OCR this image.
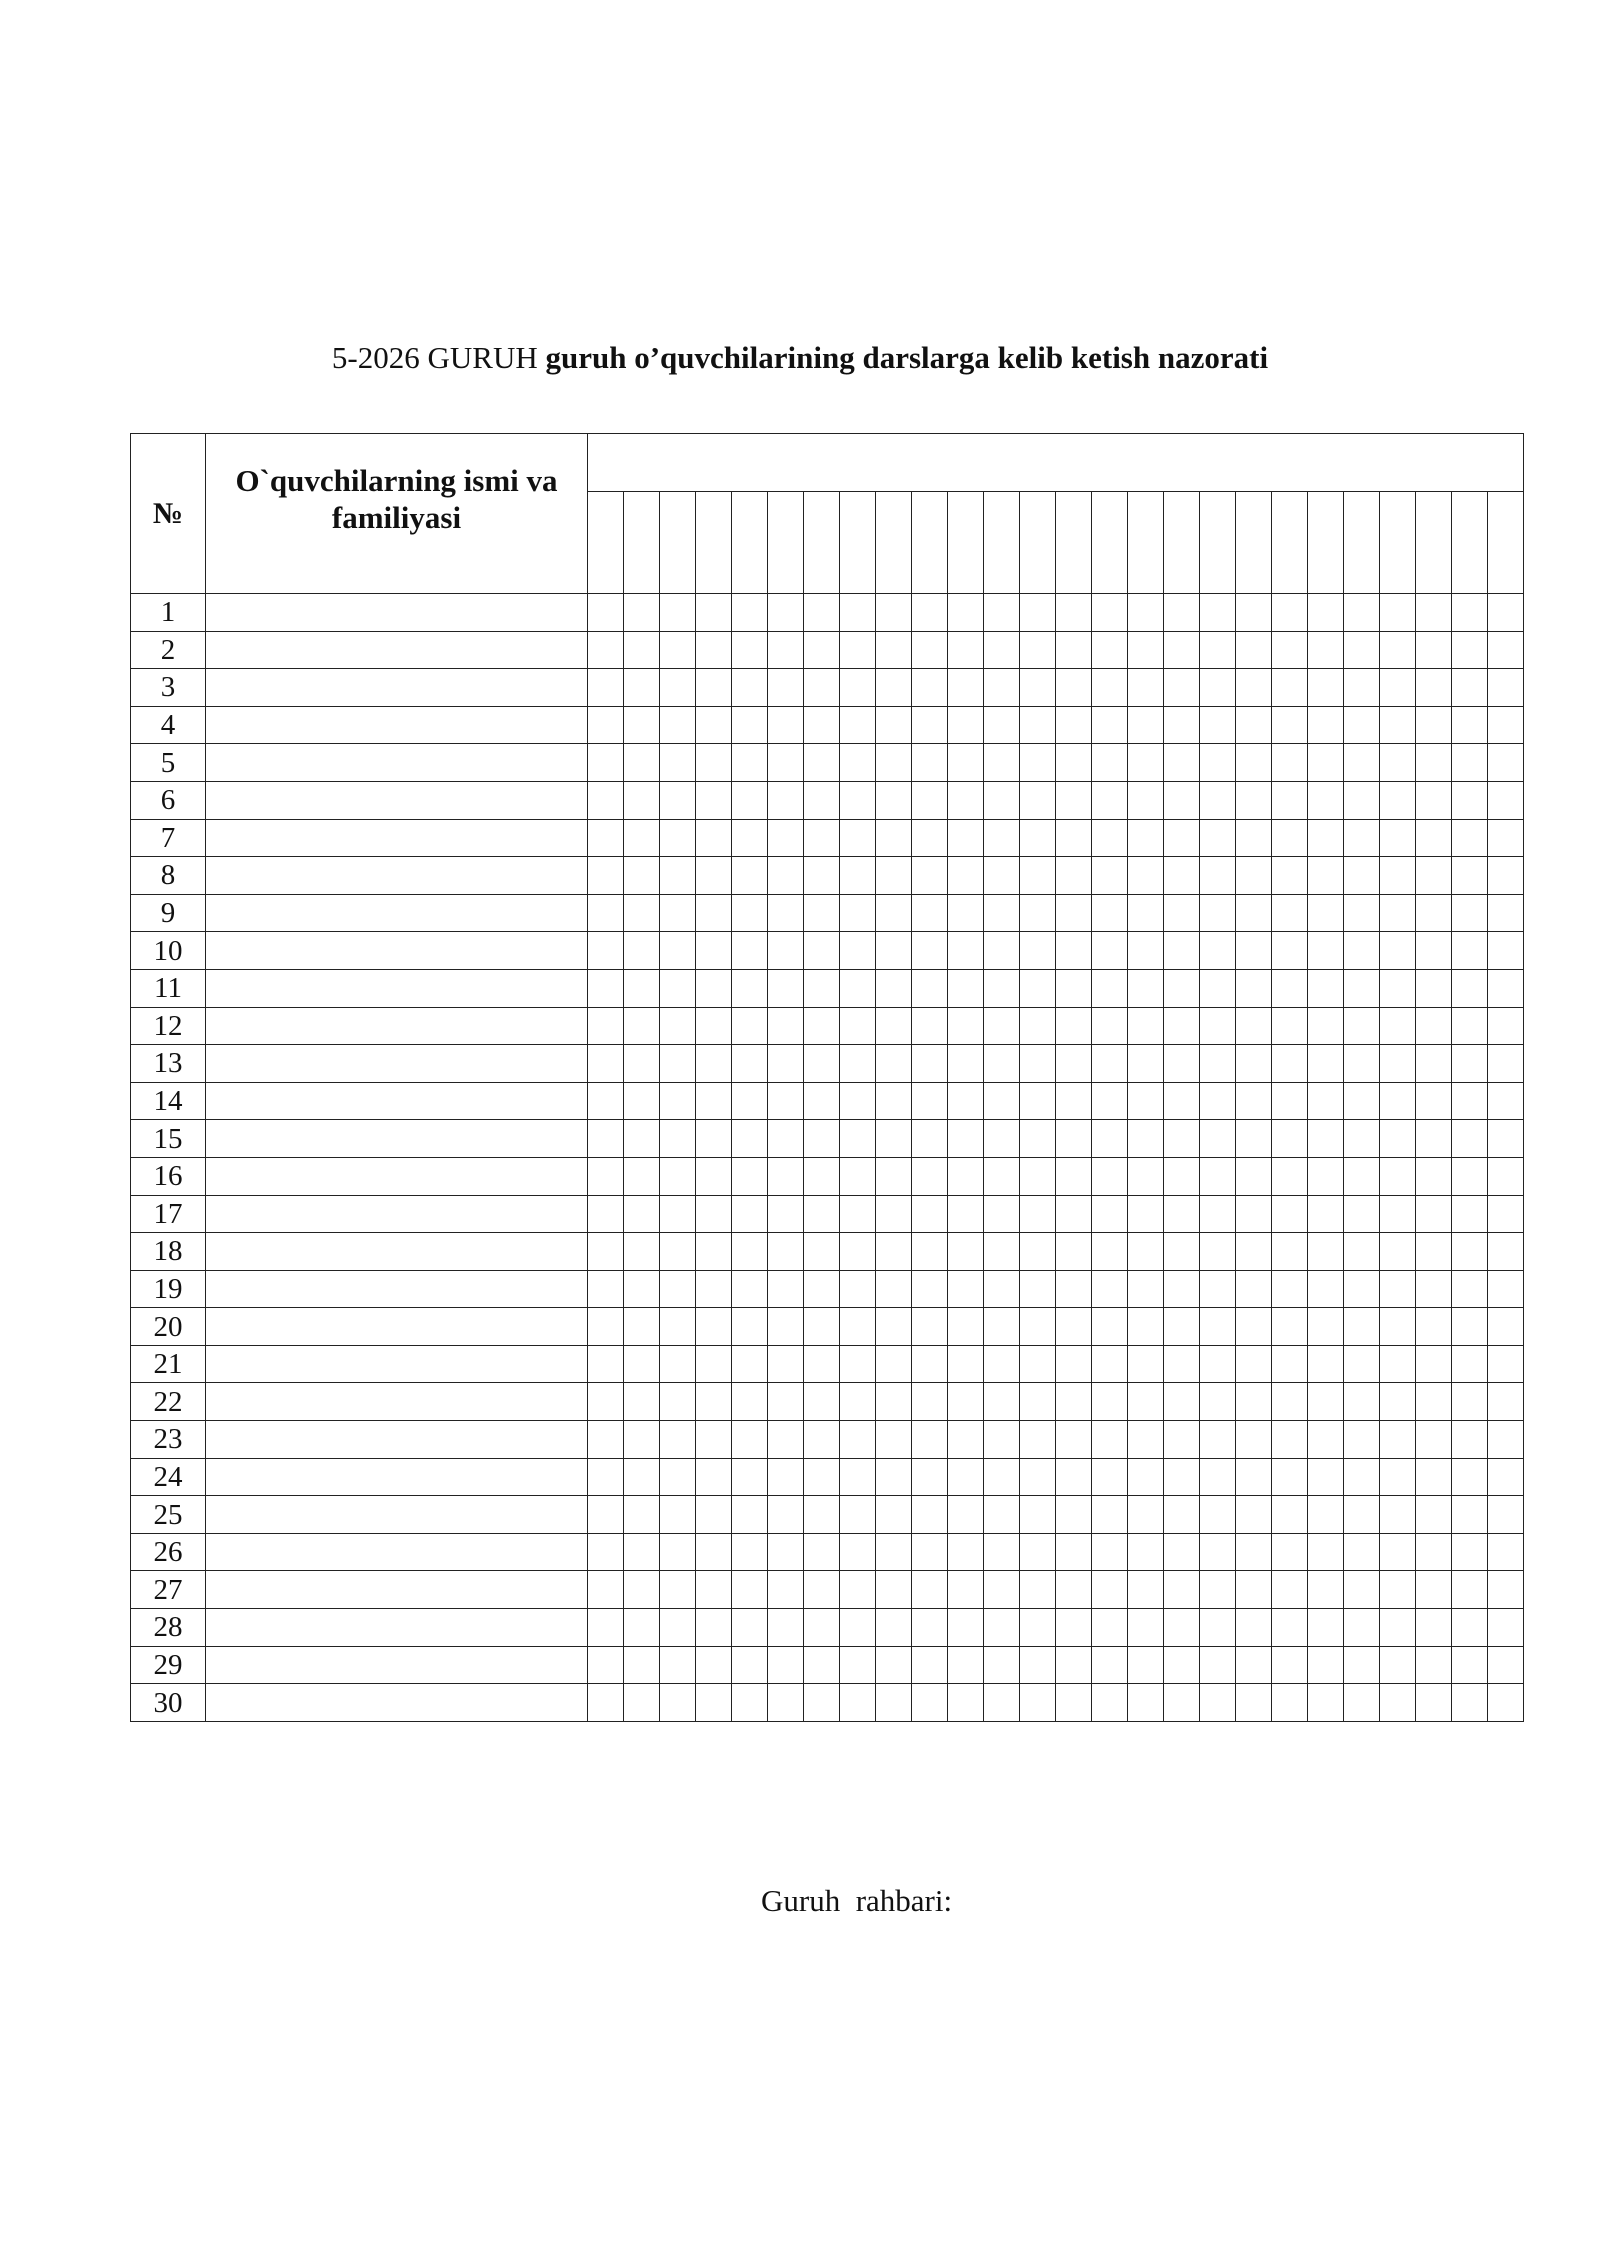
5-2026 GURUH guruh o’quvchilarining darslarga kelib ketish nazorati
№	O`quvchilarning ismi va familiyasi																										

1																											
2																											
3																											
4																											
5																											
6																											
7																											
8																											
9																											
10																											
11																											
12																											
13																											
14																											
15																											
16																											
17																											
18																											
19																											
20																											
21																											
22																											
23																											
24																											
25																											
26																											
27																											
28																											
29																											
30																											
Guruh  rahbari:
